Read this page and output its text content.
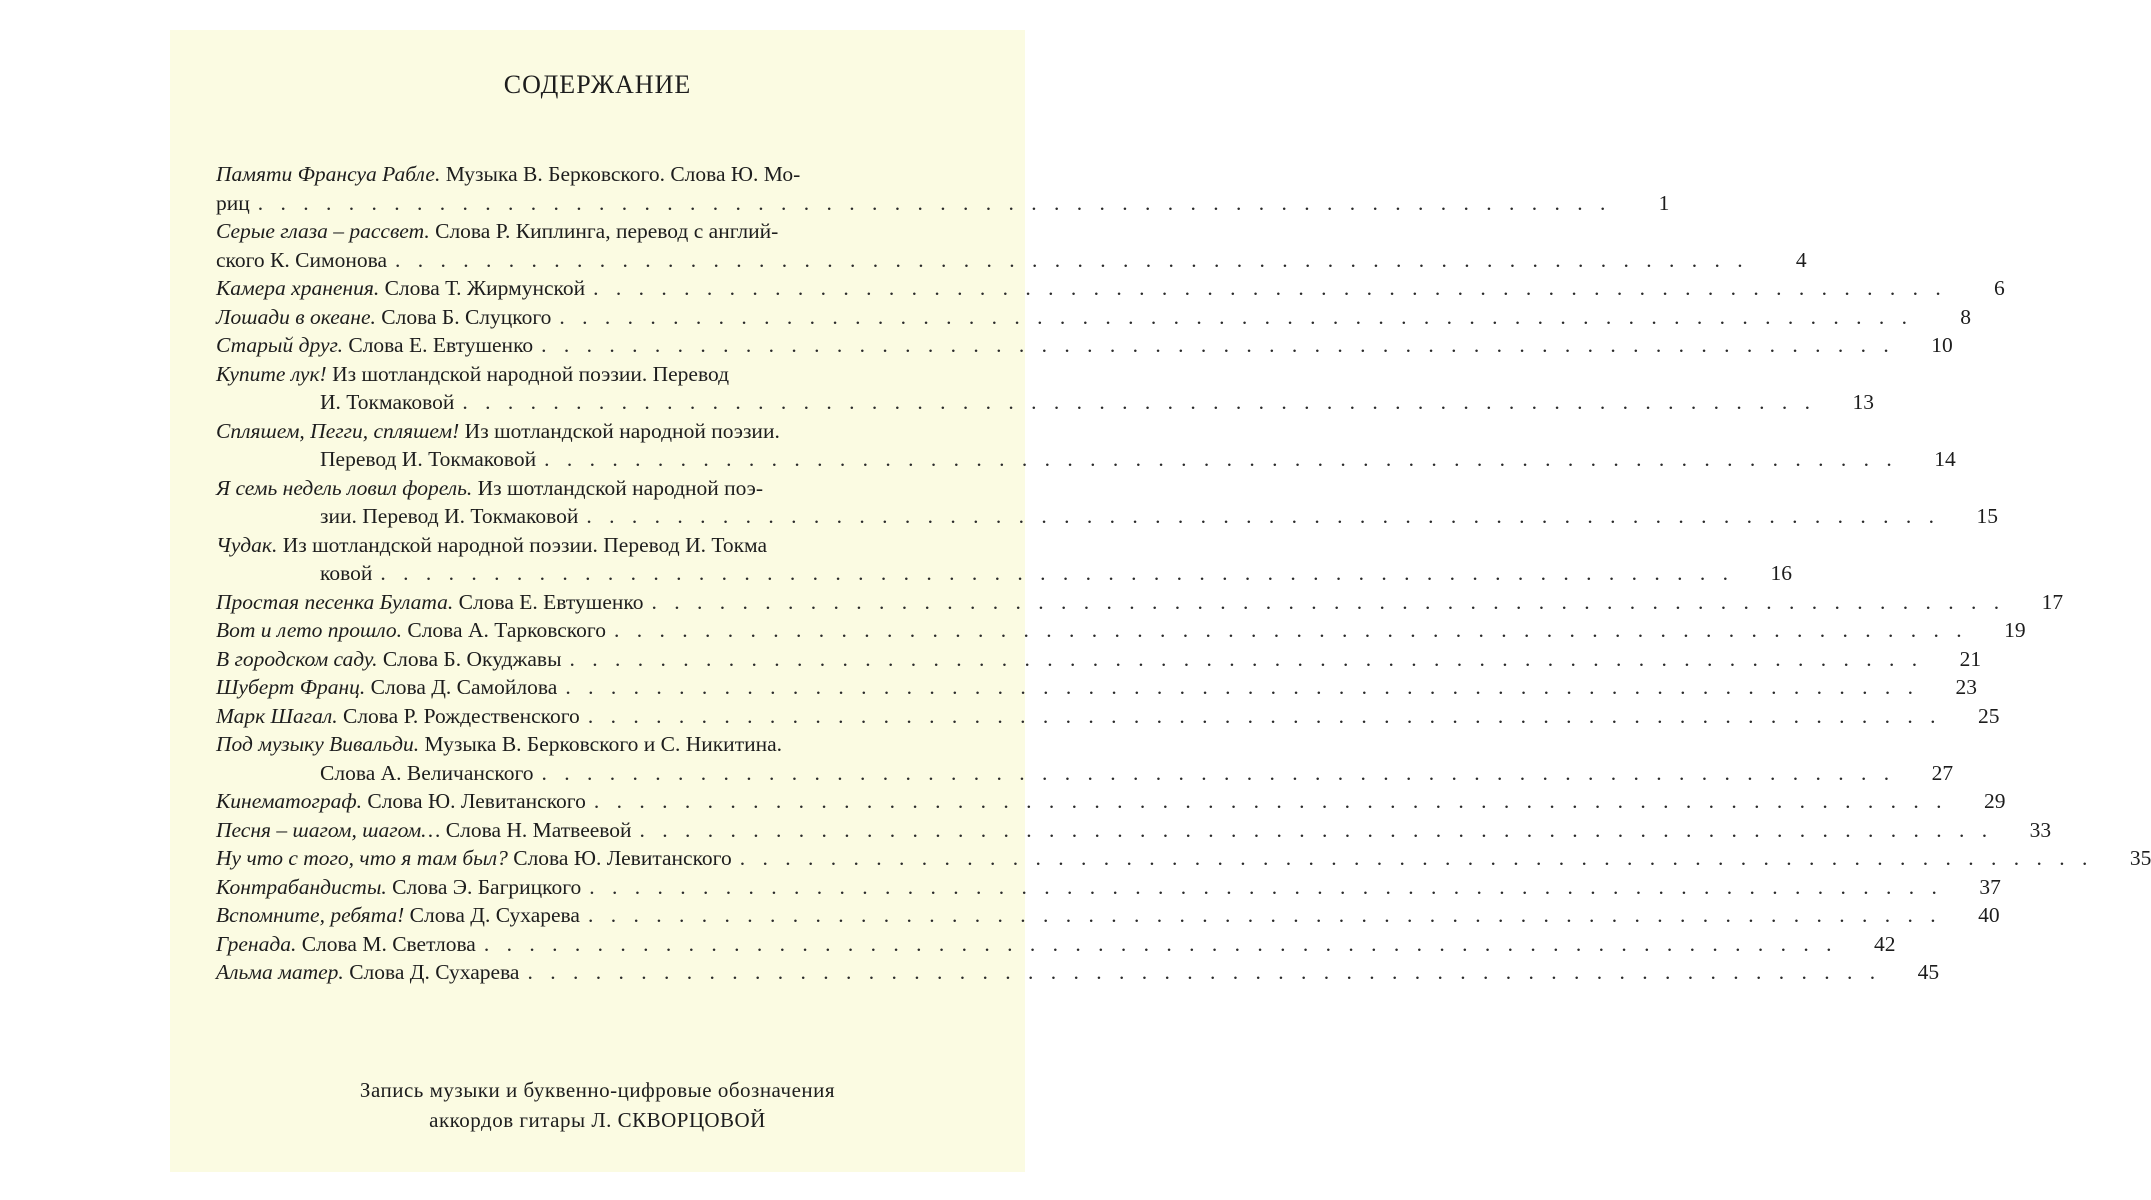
СОДЕРЖАНИЕ
Памяти Франсуа Рабле. Музыка В. Берковского. Слова Ю. Мо-
риц . . . . . . . . . . . . . . . . . . . . . . . . . . . . . . . . . . . . . . . . . . . . . . . . . . . . . . . . . . . .	1
Серые глаза – рассвет. Слова Р. Киплинга, перевод с англий-
ского К. Симонова . . . . . . . . . . . . . . . . . . . . . . . . . . . . . . . . . . . . . . . . . . . . . . . . . . . . . . . . . . . .	4
Камера хранения. Слова Т. Жирмунской . . . . . . . . . . . . . . . . . . . . . . . . . . . . . . . . . . . . . . . . . . . . . . . . . . . . . . . . . . . .	6
Лошади в океане. Слова Б. Слуцкого . . . . . . . . . . . . . . . . . . . . . . . . . . . . . . . . . . . . . . . . . . . . . . . . . . . . . . . . . . . .	8
Старый друг. Слова Е. Евтушенко . . . . . . . . . . . . . . . . . . . . . . . . . . . . . . . . . . . . . . . . . . . . . . . . . . . . . . . . . . . .	10
Купите лук! Из шотландской народной поэзии. Перевод
И. Токмаковой . . . . . . . . . . . . . . . . . . . . . . . . . . . . . . . . . . . . . . . . . . . . . . . . . . . . . . . . . . . .	13
Спляшем, Пегги, спляшем! Из шотландской народной поэзии.
Перевод И. Токмаковой . . . . . . . . . . . . . . . . . . . . . . . . . . . . . . . . . . . . . . . . . . . . . . . . . . . . . . . . . . . .	14
Я семь недель ловил форель. Из шотландской народной поэ-
зии. Перевод И. Токмаковой . . . . . . . . . . . . . . . . . . . . . . . . . . . . . . . . . . . . . . . . . . . . . . . . . . . . . . . . . . . .	15
Чудак. Из шотландской народной поэзии. Перевод И. Токма
ковой . . . . . . . . . . . . . . . . . . . . . . . . . . . . . . . . . . . . . . . . . . . . . . . . . . . . . . . . . . . .	16
Простая песенка Булата. Слова Е. Евтушенко . . . . . . . . . . . . . . . . . . . . . . . . . . . . . . . . . . . . . . . . . . . . . . . . . . . . . . . . . . . .	17
Вот и лето прошло. Слова А. Тарковского . . . . . . . . . . . . . . . . . . . . . . . . . . . . . . . . . . . . . . . . . . . . . . . . . . . . . . . . . . . .	19
В городском саду. Слова Б. Окуджавы . . . . . . . . . . . . . . . . . . . . . . . . . . . . . . . . . . . . . . . . . . . . . . . . . . . . . . . . . . . .	21
Шуберт Франц. Слова Д. Самойлова . . . . . . . . . . . . . . . . . . . . . . . . . . . . . . . . . . . . . . . . . . . . . . . . . . . . . . . . . . . .	23
Марк Шагал. Слова Р. Рождественского . . . . . . . . . . . . . . . . . . . . . . . . . . . . . . . . . . . . . . . . . . . . . . . . . . . . . . . . . . . .	25
Под музыку Вивальди. Музыка В. Берковского и С. Никитина.
Слова А. Величанского . . . . . . . . . . . . . . . . . . . . . . . . . . . . . . . . . . . . . . . . . . . . . . . . . . . . . . . . . . . .	27
Кинематограф. Слова Ю. Левитанского . . . . . . . . . . . . . . . . . . . . . . . . . . . . . . . . . . . . . . . . . . . . . . . . . . . . . . . . . . . .	29
Песня – шагом, шагом… Слова Н. Матвеевой . . . . . . . . . . . . . . . . . . . . . . . . . . . . . . . . . . . . . . . . . . . . . . . . . . . . . . . . . . . .	33
Ну что с того, что я там был? Слова Ю. Левитанского . . . . . . . . . . . . . . . . . . . . . . . . . . . . . . . . . . . . . . . . . . . . . . . . . . . . . . . . . . . .	35
Контрабандисты. Слова Э. Багрицкого . . . . . . . . . . . . . . . . . . . . . . . . . . . . . . . . . . . . . . . . . . . . . . . . . . . . . . . . . . . .	37
Вспомните, ребята! Слова Д. Сухарева . . . . . . . . . . . . . . . . . . . . . . . . . . . . . . . . . . . . . . . . . . . . . . . . . . . . . . . . . . . .	40
Гренада. Слова М. Светлова . . . . . . . . . . . . . . . . . . . . . . . . . . . . . . . . . . . . . . . . . . . . . . . . . . . . . . . . . . . .	42
Альма матер. Слова Д. Сухарева . . . . . . . . . . . . . . . . . . . . . . . . . . . . . . . . . . . . . . . . . . . . . . . . . . . . . . . . . . . .	45
Запись музыки и буквенно-цифровые обозначения
аккордов гитары Л. СКВОРЦОВОЙ
